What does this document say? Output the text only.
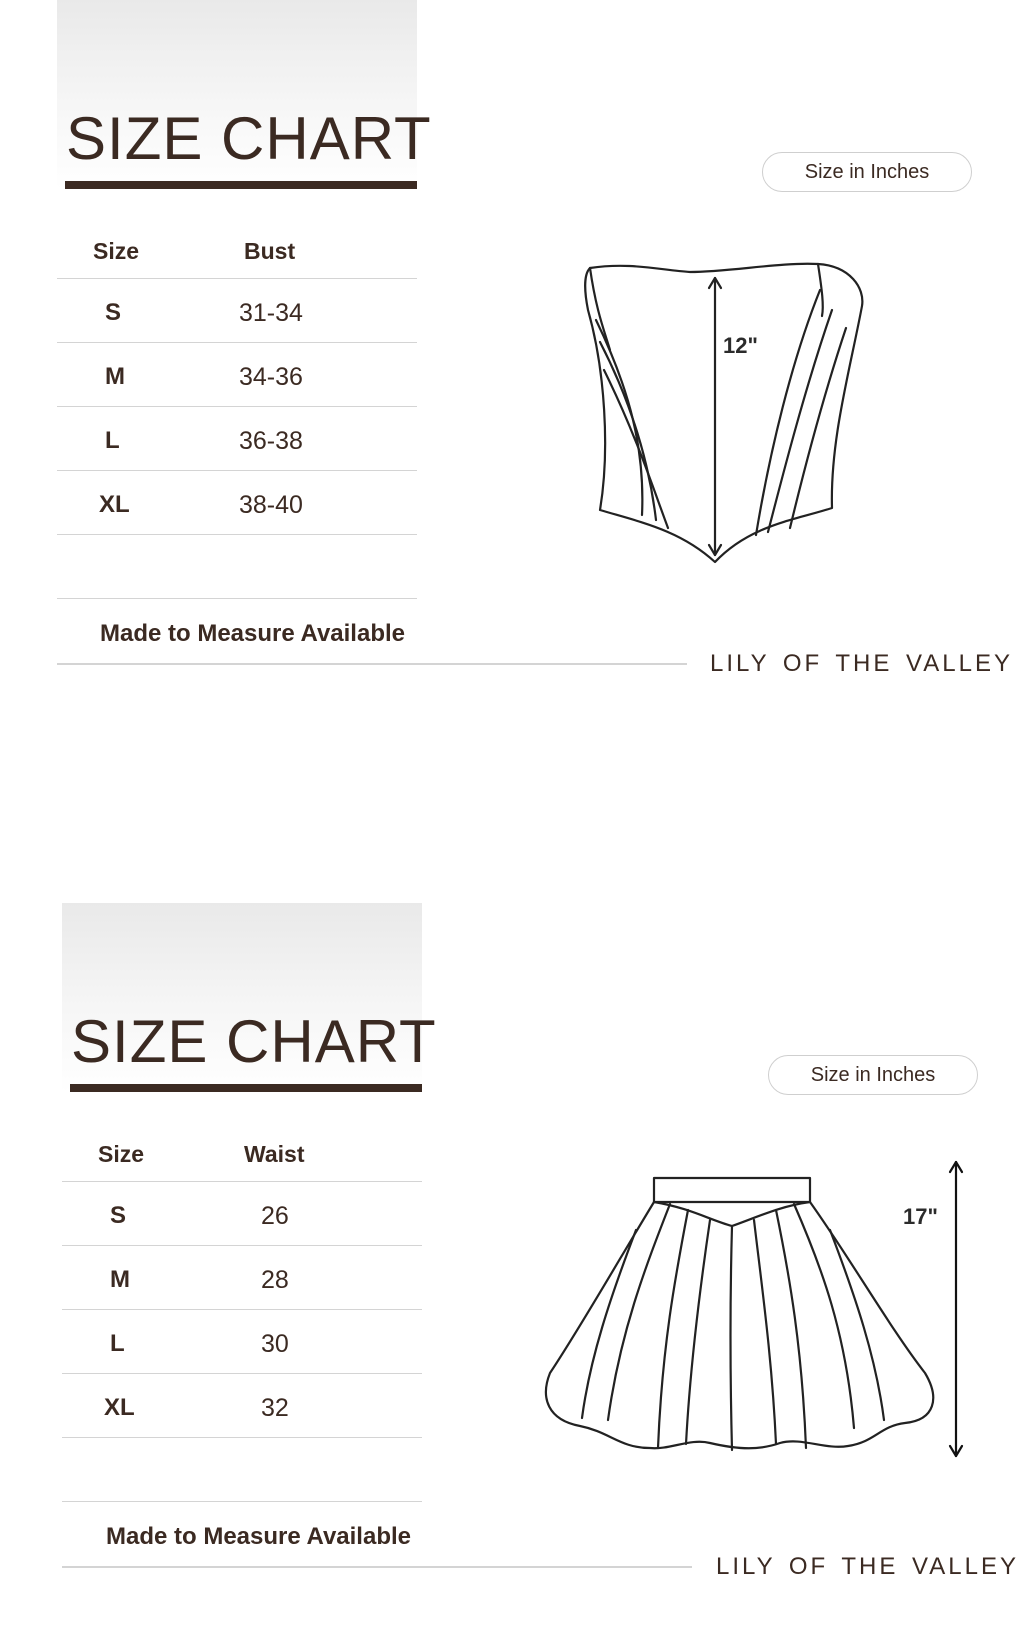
SIZE CHART
Size	Bust
S	31-34
M	34-36
L	36-38
XL	38-40
Made to Measure Available
LILY OF THE VALLEY
Size in Inches
12"
SIZE CHART
Size	Waist
S	26
M	28
L	30
XL	32
Made to Measure Available
LILY OF THE VALLEY
Size in Inches
17"
